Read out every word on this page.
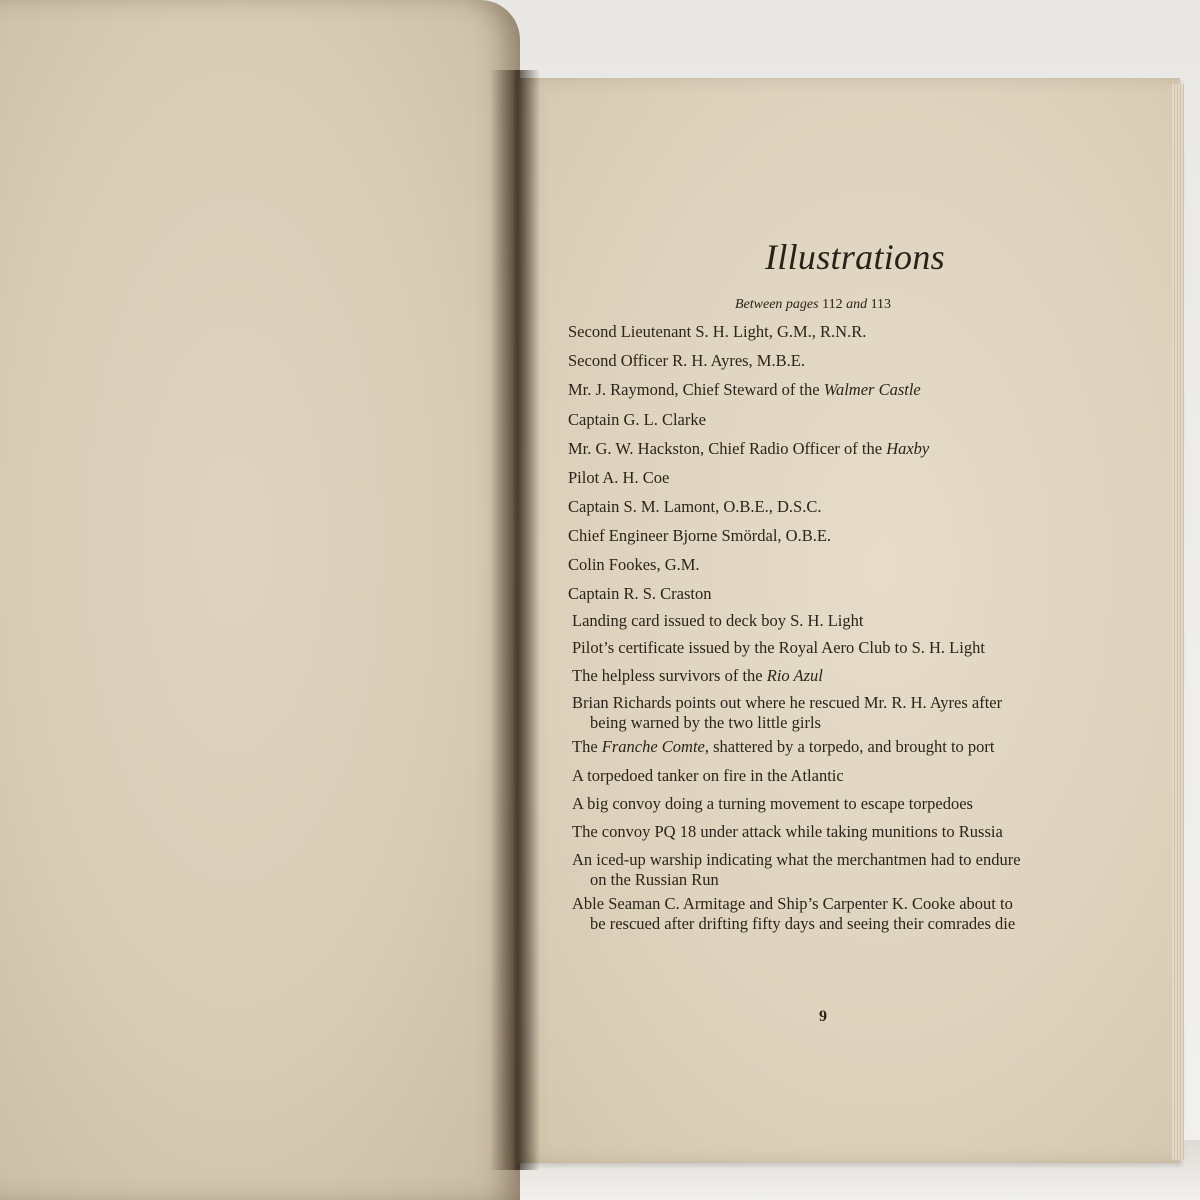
Illustrations
Between pages 112 and 113
Second Lieutenant S. H. Light, G.M., R.N.R.
Second Officer R. H. Ayres, M.B.E.
Mr. J. Raymond, Chief Steward of the Walmer Castle
Captain G. L. Clarke
Mr. G. W. Hackston, Chief Radio Officer of the Haxby
Pilot A. H. Coe
Captain S. M. Lamont, O.B.E., D.S.C.
Chief Engineer Bjorne Smördal, O.B.E.
Colin Fookes, G.M.
Captain R. S. Craston
Landing card issued to deck boy S. H. Light
Pilot’s certificate issued by the Royal Aero Club to S. H. Light
The helpless survivors of the Rio Azul
Brian Richards points out where he rescued Mr. R. H. Ayres after
being warned by the two little girls
The Franche Comte, shattered by a torpedo, and brought to port
A torpedoed tanker on fire in the Atlantic
A big convoy doing a turning movement to escape torpedoes
The convoy PQ 18 under attack while taking munitions to Russia
An iced-up warship indicating what the merchantmen had to endure
on the Russian Run
Able Seaman C. Armitage and Ship’s Carpenter K. Cooke about to
be rescued after drifting fifty days and seeing their comrades die
9
